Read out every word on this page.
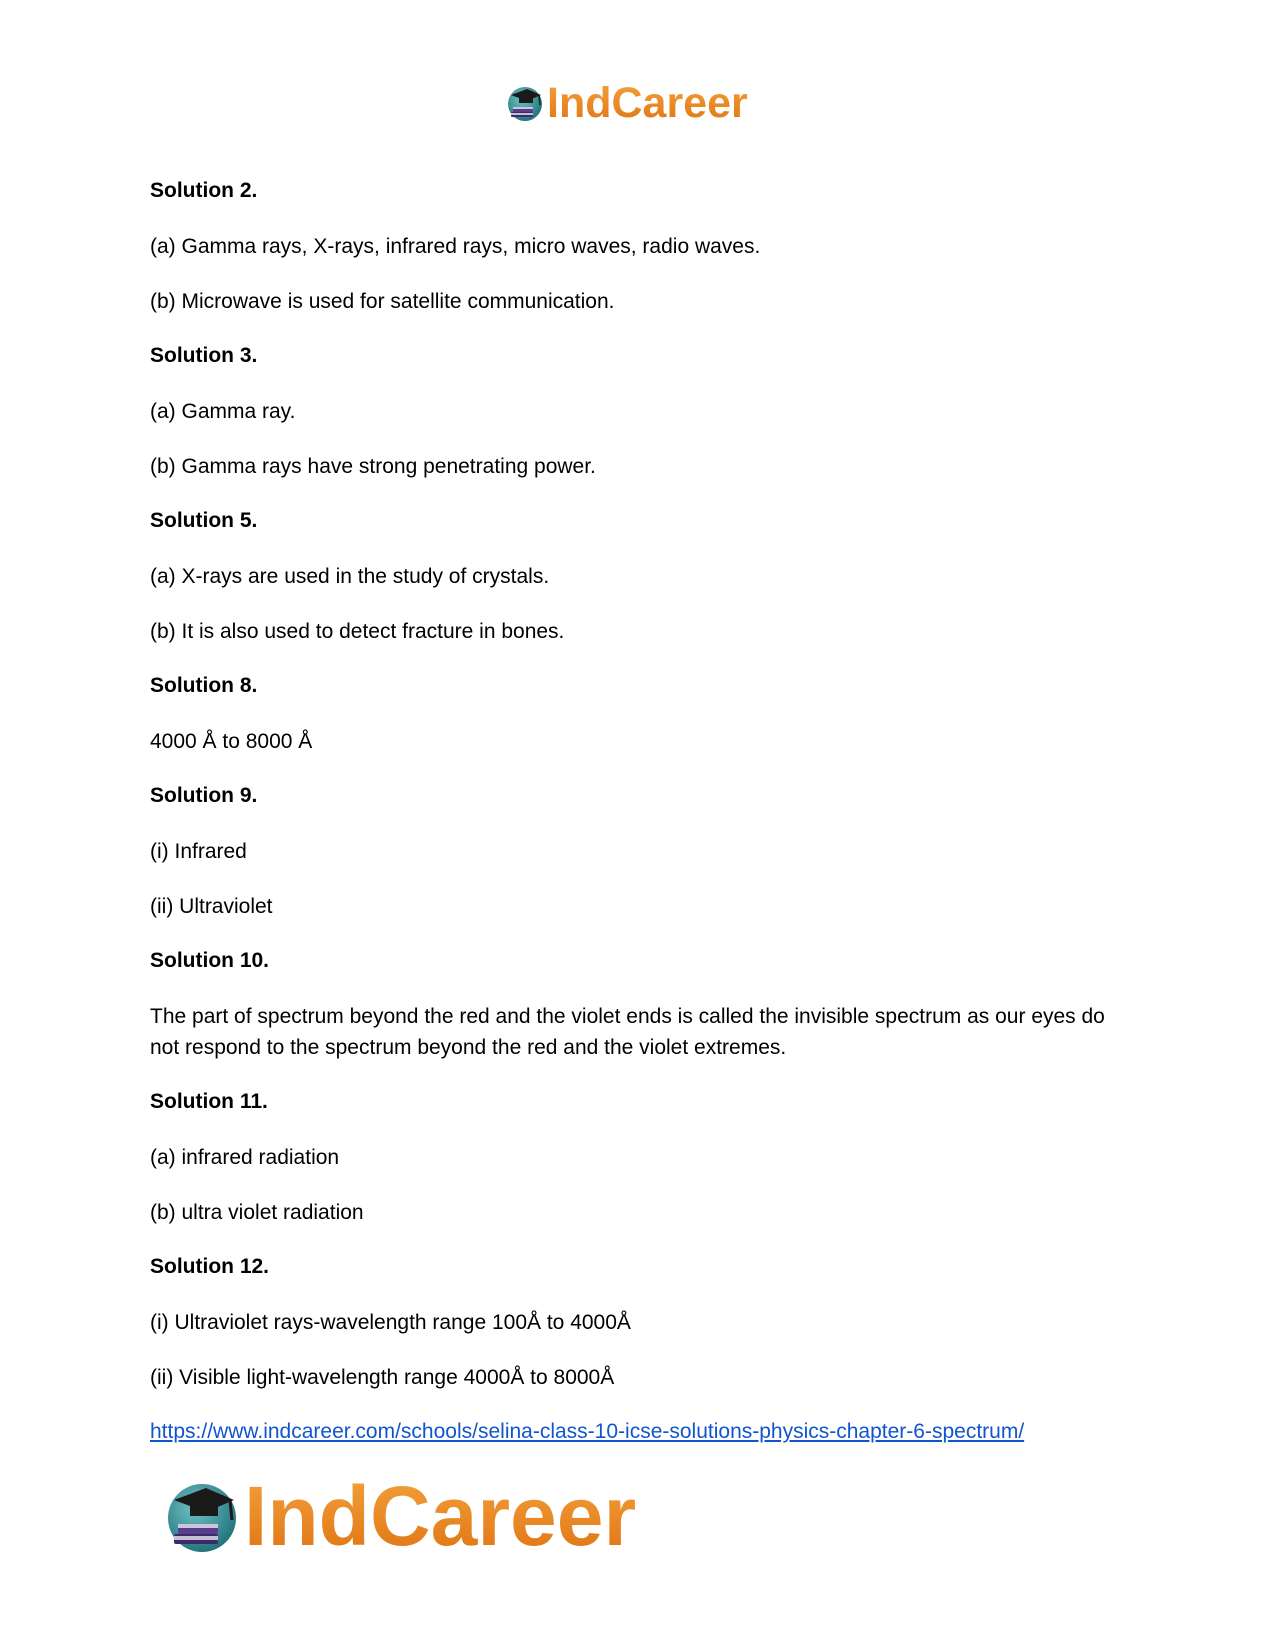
IndCareer

Solution 2.

(a) Gamma rays, X-rays, infrared rays, micro waves, radio waves.

(b) Microwave is used for satellite communication.

Solution 3.

(a) Gamma ray.

(b) Gamma rays have strong penetrating power.

Solution 5.

(a) X-rays are used in the study of crystals.

(b) It is also used to detect fracture in bones.

Solution 8.

4000 Å to 8000 Å

Solution 9.

(i) Infrared

(ii) Ultraviolet

Solution 10.

The part of spectrum beyond the red and the violet ends is called the invisible spectrum as our eyes do not respond to the spectrum beyond the red and the violet extremes.

Solution 11.

(a) infrared radiation

(b) ultra violet radiation

Solution 12.

(i) Ultraviolet rays-wavelength range 100Å to 4000Å

(ii) Visible light-wavelength range 4000Å to 8000Å

https://www.indcareer.com/schools/selina-class-10-icse-solutions-physics-chapter-6-spectrum/
IndCareer
